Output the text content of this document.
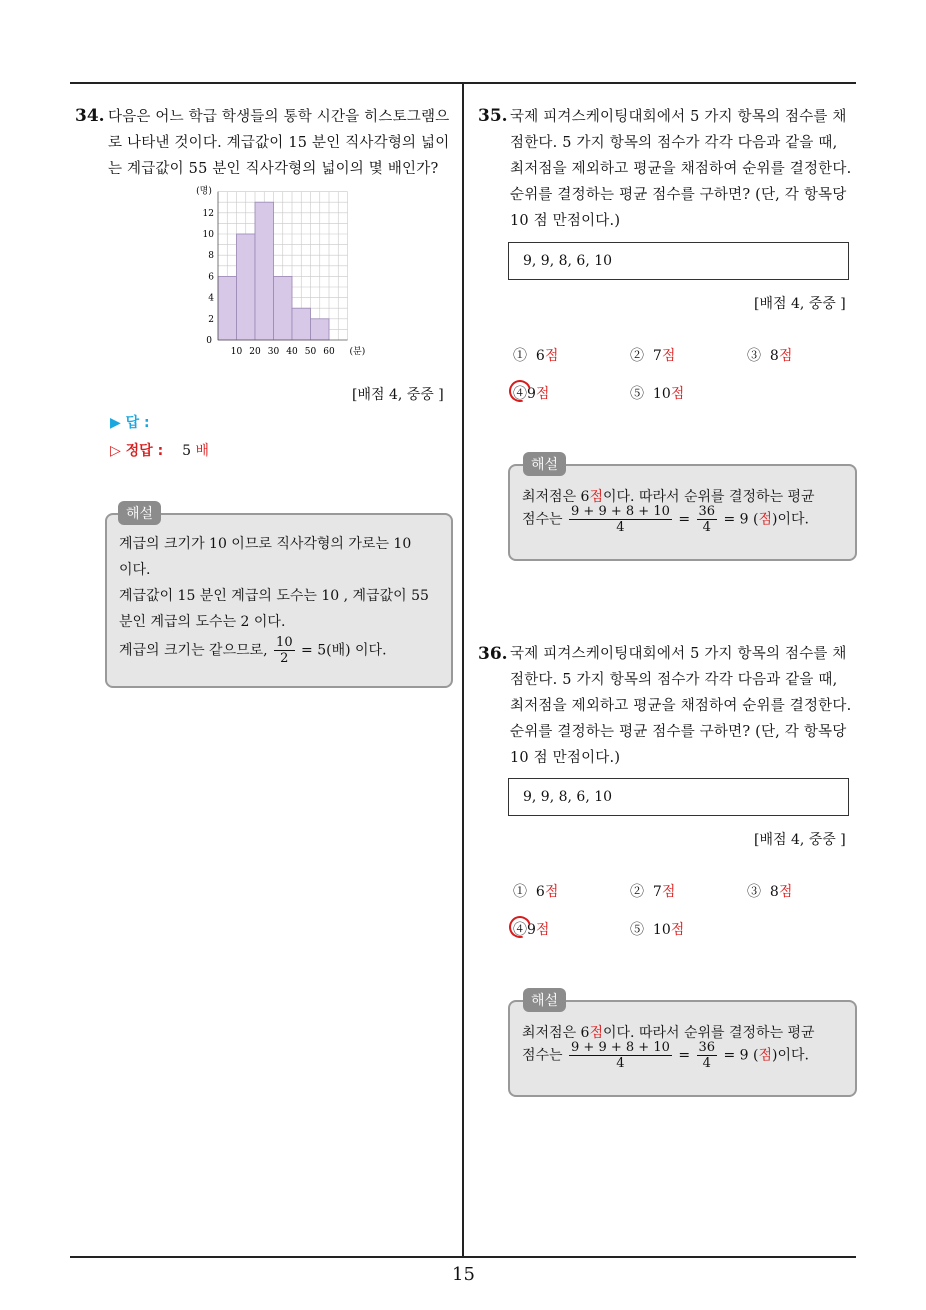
15
34. 다음은 어느 학급 학생들의 통학 시간을 히스토그램으
로 나타낸 것이다. 계급값이 15 분인 직사각형의 넓이
는 계급값이 55 분인 직사각형의 넓이의 몇 배인가?
2
4
6
8
10
12
0
10 20 30 40 50 60
(명)
(분)
[배점 4, 중중 ]
▶ 답 :
▷ 정답 : 5 배
계급의 크기가 10 이므로 직사각형의 가로는 10
이다.
계급값이 15 분인 계급의 도수는 10 , 계급값이 55
분인 계급의 도수는 2 이다.
계급의 크기는 같으므로, $\frac{10}{2} = 5$(배) 이다.
해설
35. 국제 피겨스케이팅대회에서 5 가지 항목의 점수를 채
점한다. 5 가지 항목의 점수가 각각 다음과 같을 때,
최저점을 제외하고 평균을 채점하여 순위를 결정한다.
순위를 결정하는 평균 점수를 구하면? (단, 각 항목당
10 점 만점이다.)
9, 9, 8, 6, 10
[배점 4, 중중 ]
① 6점	② 7점	③ 8점
④9점	⑤ 10점
최저점은 6점이다. 따라서 순위를 결정하는 평균
점수는 $\frac{9 + 9 + 8 + 10}{4} = \frac{36}{4} = 9$ (점)이다.
해설
36. 국제 피겨스케이팅대회에서 5 가지 항목의 점수를 채
점한다. 5 가지 항목의 점수가 각각 다음과 같을 때,
최저점을 제외하고 평균을 채점하여 순위를 결정한다.
순위를 결정하는 평균 점수를 구하면? (단, 각 항목당
10 점 만점이다.)
9, 9, 8, 6, 10
[배점 4, 중중 ]
① 6점	② 7점	③ 8점
④9점	⑤ 10점
최저점은 6점이다. 따라서 순위를 결정하는 평균
점수는 $\frac{9 + 9 + 8 + 10}{4} = \frac{36}{4} = 9$ (점)이다.
해설
